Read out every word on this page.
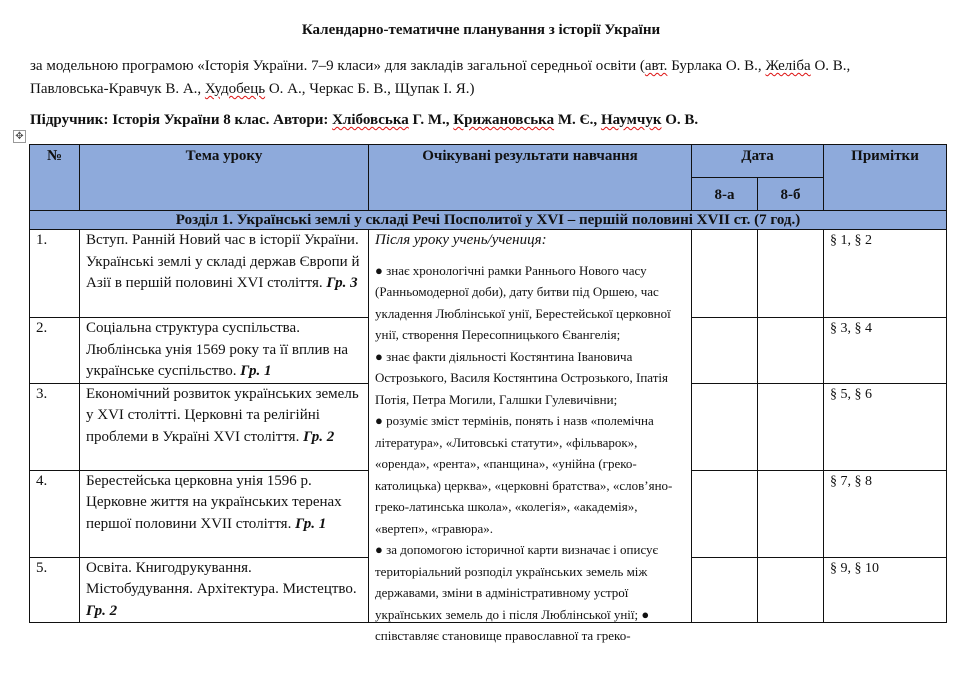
Календарно-тематичне планування з історії України
за модельною програмою «Історія України. 7–9 класи» для закладів загальної середньої освіти (авт. Бурлака О. В., Желіба О. В.,
Павловська-Кравчук В. А., Худобець О. А., Черкас Б. В., Щупак І. Я.)
Підручник: Історія України 8 клас. Автори: Хлібовська Г. М., Крижановська М. Є., Наумчук О. В.
✥
№	Тема уроку	Очікувані результати навчання	Дата		Примітки
			8-а	8-б	
Розділ 1. Українські землі у складі Речі Посполитої у XVI – першій половині XVII ст. (7 год.)					
1.	Вступ. Ранній Новий час в історії України. Українські землі у складі держав Європи й Азії в першій половині XVI століття. Гр. 3	Після уроку учень/учениця:
● знає хронологічні рамки Раннього Нового часу (Ранньомодерної доби), дату битви під Оршею, час укладення Люблінської унії, Берестейської церковної унії, створення Пересопницького Євангелія;
● знає факти діяльності Костянтина Івановича Острозького, Василя Костянтина Острозького, Іпатія Потія, Петра Могили, Галшки Гулевичівни;
● розуміє зміст термінів, понять і назв «полемічна література», «Литовські статути», «фільварок», «оренда», «рента», «панщина», «унійна (греко-католицька) церква», «церковні братства», «слов’яно-греко-латинська школа», «колегія», «академія», «вертеп», «гравюра».
● за допомогою історичної карти визначає і описує територіальний розподіл українських земель між державами, зміни в адміністративному устрої українських земель до і після Люблінської унії; ● співставляє становище православної та греко-			§ 1, § 2
2.	Соціальна структура суспільства. Люблінська унія 1569 року та її вплив на українське суспільство. Гр. 1				§ 3, § 4
3.	Економічний розвиток українських земель у XVI столітті. Церковні та релігійні проблеми в Україні XVI століття. Гр. 2				§ 5, § 6
4.	Берестейська церковна унія 1596 р. Церковне життя на українських теренах першої половини XVII століття. Гр. 1				§ 7, § 8
5.	Освіта. Книгодрукування. Містобудування. Архітектура. Мистецтво. Гр. 2				§ 9, § 10
